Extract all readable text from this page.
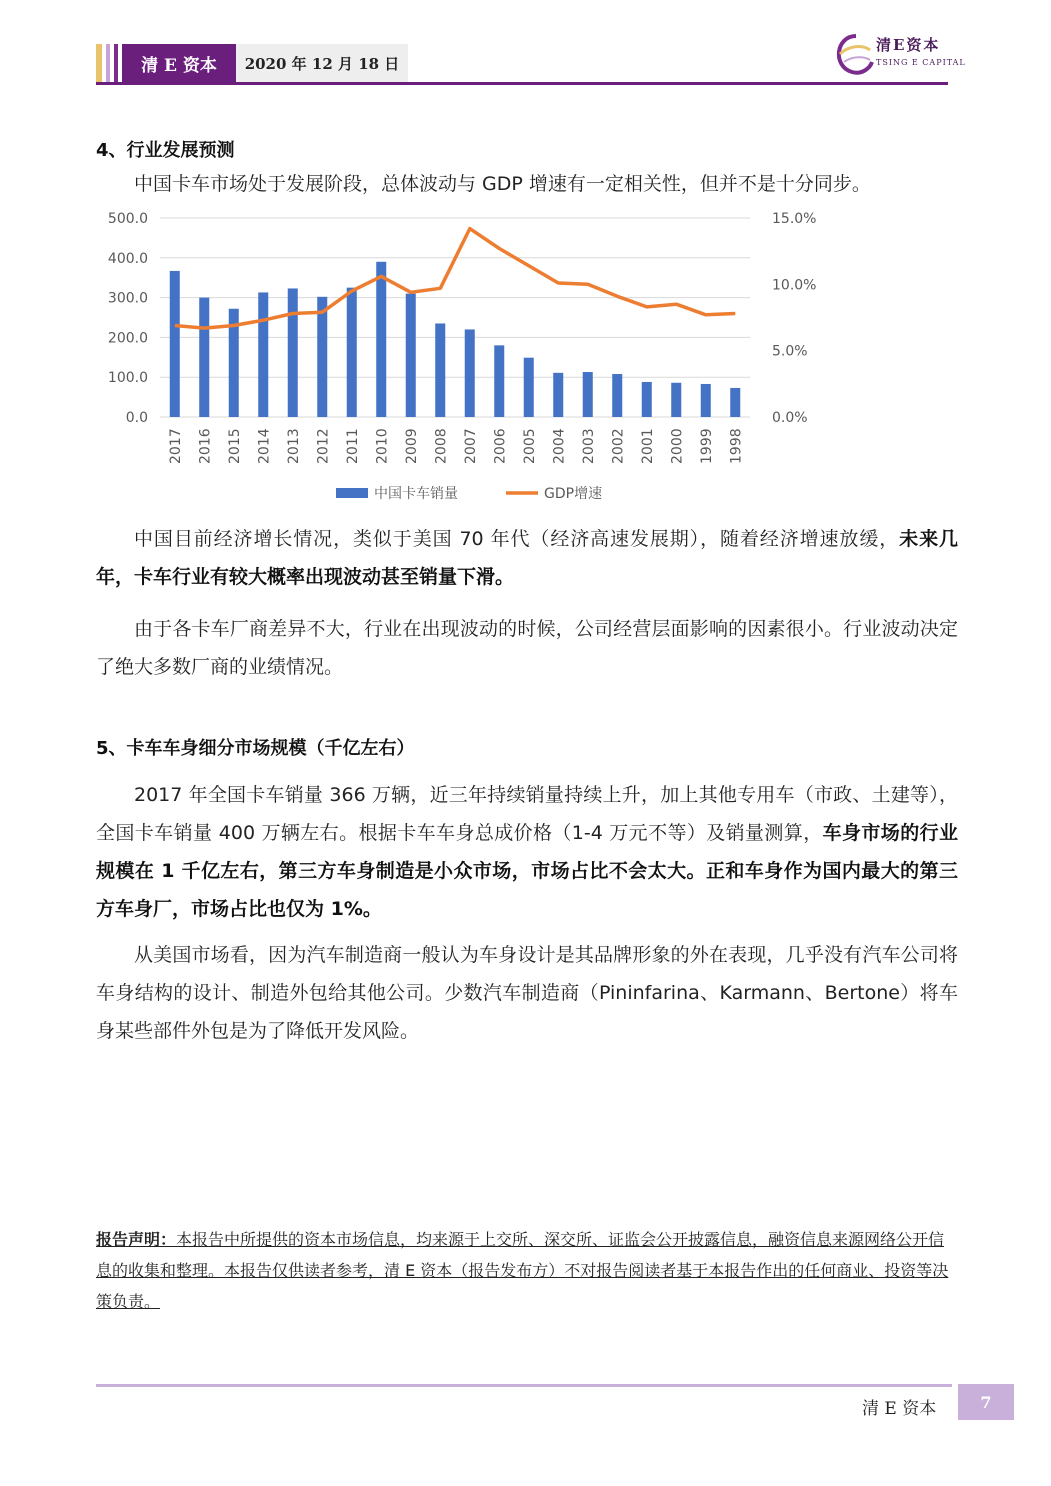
清 E 资本	2020 年 12 月 18 日
清E资本
TSING E CAPITAL
4、行业发展预测
中国卡车市场处于发展阶段，总体波动与 GDP 增速有一定相关性，但并不是十分同步。
0.0
100.0
200.0
300.0
400.0
500.0
0.0%
5.0%
10.0%
15.0%
2017 2016 2015 2014 2013 2012 2011 2010 2009 2008 2007 2006 2005 2004 2003 2002 2001 2000 1999 1998
中国卡车销量	GDP增速
中国目前经济增长情况，类似于美国 70 年代（经济高速发展期），随着经济增速放缓，未来几年，卡车行业有较大概率出现波动甚至销量下滑。
由于各卡车厂商差异不大，行业在出现波动的时候，公司经营层面影响的因素很小。行业波动决定了绝大多数厂商的业绩情况。
5、卡车车身细分市场规模（千亿左右）
2017 年全国卡车销量 366 万辆，近三年持续销量持续上升，加上其他专用车（市政、土建等），全国卡车销量 400 万辆左右。根据卡车车身总成价格（1-4 万元不等）及销量测算，车身市场的行业规模在 1 千亿左右，第三方车身制造是小众市场，市场占比不会太大。正和车身作为国内最大的第三方车身厂，市场占比也仅为 1%。
从美国市场看，因为汽车制造商一般认为车身设计是其品牌形象的外在表现，几乎没有汽车公司将车身结构的设计、制造外包给其他公司。少数汽车制造商（Pininfarina、Karmann、Bertone）将车身某些部件外包是为了降低开发风险。
报告声明：本报告中所提供的资本市场信息，均来源于上交所、深交所、证监会公开披露信息，融资信息来源网络公开信息的收集和整理。本报告仅供读者参考，清 E 资本（报告发布方）不对报告阅读者基于本报告作出的任何商业、投资等决策负责。
清 E 资本	7
